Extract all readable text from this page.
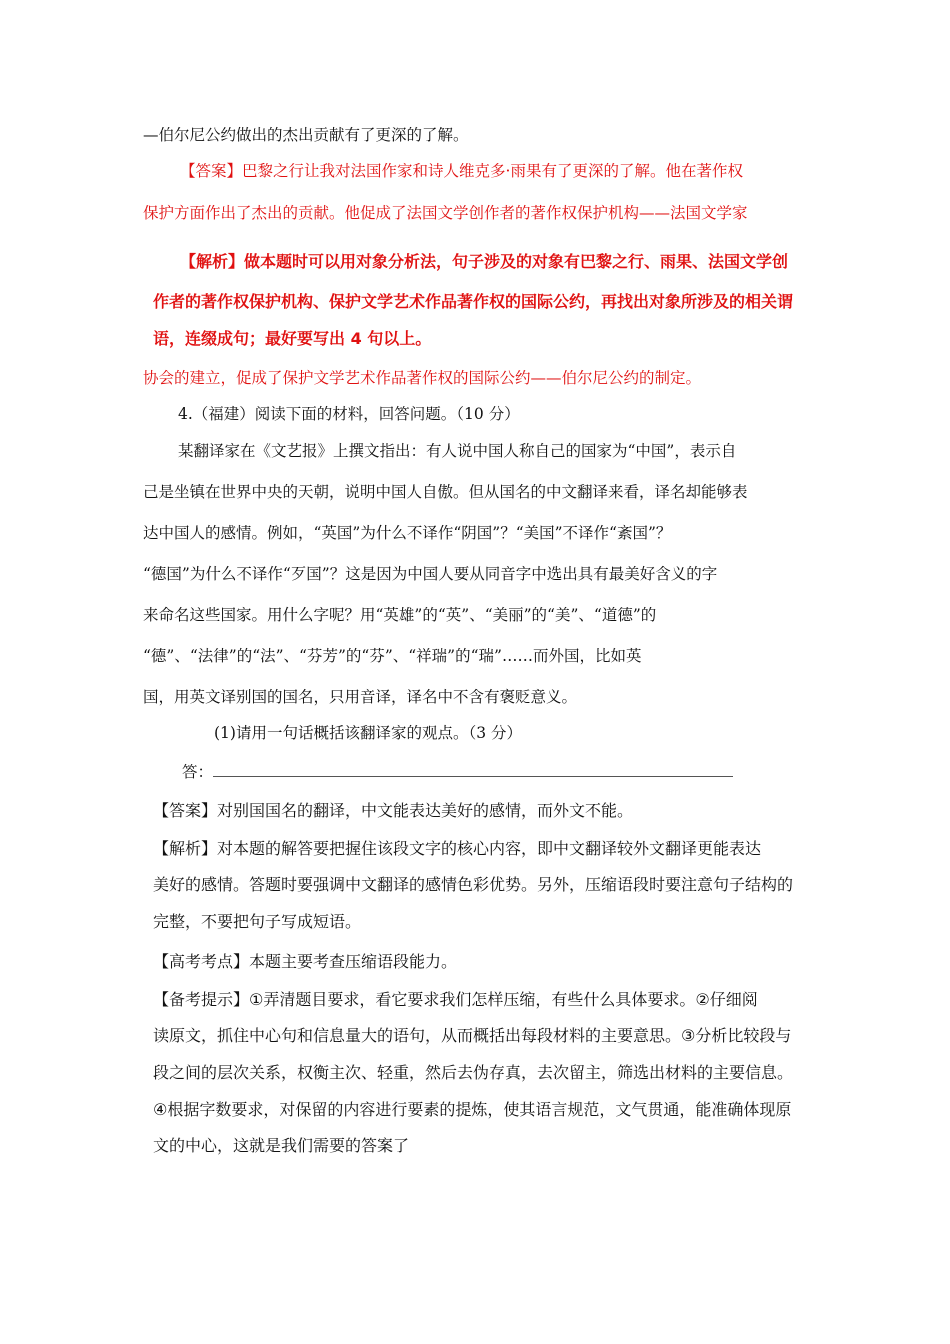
—伯尔尼公约做出的杰出贡献有了更深的了解。
【答案】巴黎之行让我对法国作家和诗人维克多·雨果有了更深的了解。他在著作权
保护方面作出了杰出的贡献。他促成了法国文学创作者的著作权保护机构——法国文学家
【解析】做本题时可以用对象分析法，句子涉及的对象有巴黎之行、雨果、法国文学创
作者的著作权保护机构、保护文学艺术作品著作权的国际公约，再找出对象所涉及的相关谓
语，连缀成句；最好要写出 4 句以上。
协会的建立，促成了保护文学艺术作品著作权的国际公约——伯尔尼公约的制定。
4.（福建）阅读下面的材料，回答问题。（10 分）
某翻译家在《文艺报》上撰文指出：有人说中国人称自己的国家为“中国”，表示自
己是坐镇在世界中央的天朝，说明中国人自傲。但从国名的中文翻译来看，译名却能够表
达中国人的感情。例如，“英国”为什么不译作“阴国”？“美国”不译作“紊国”？
“德国”为什么不译作“歹国”？这是因为中国人要从同音字中选出具有最美好含义的字
来命名这些国家。用什么字呢？用“英雄”的“英”、“美丽”的“美”、“道德”的
“德”、“法律”的“法”、“芬芳”的“芬”、“祥瑞”的“瑞”……而外国，比如英
国，用英文译别国的国名，只用音译，译名中不含有褒贬意义。
(1)请用一句话概括该翻译家的观点。（3 分）
答：
【答案】对别国国名的翻译，中文能表达美好的感情，而外文不能。
【解析】对本题的解答要把握住该段文字的核心内容，即中文翻译较外文翻译更能表达
美好的感情。答题时要强调中文翻译的感情色彩优势。另外，压缩语段时要注意句子结构的
完整，不要把句子写成短语。
【高考考点】本题主要考查压缩语段能力。
【备考提示】①弄清题目要求，看它要求我们怎样压缩，有些什么具体要求。②仔细阅
读原文，抓住中心句和信息量大的语句，从而概括出每段材料的主要意思。③分析比较段与
段之间的层次关系，权衡主次、轻重，然后去伪存真，去次留主，筛选出材料的主要信息。
④根据字数要求，对保留的内容进行要素的提炼，使其语言规范，文气贯通，能准确体现原
文的中心，这就是我们需要的答案了
